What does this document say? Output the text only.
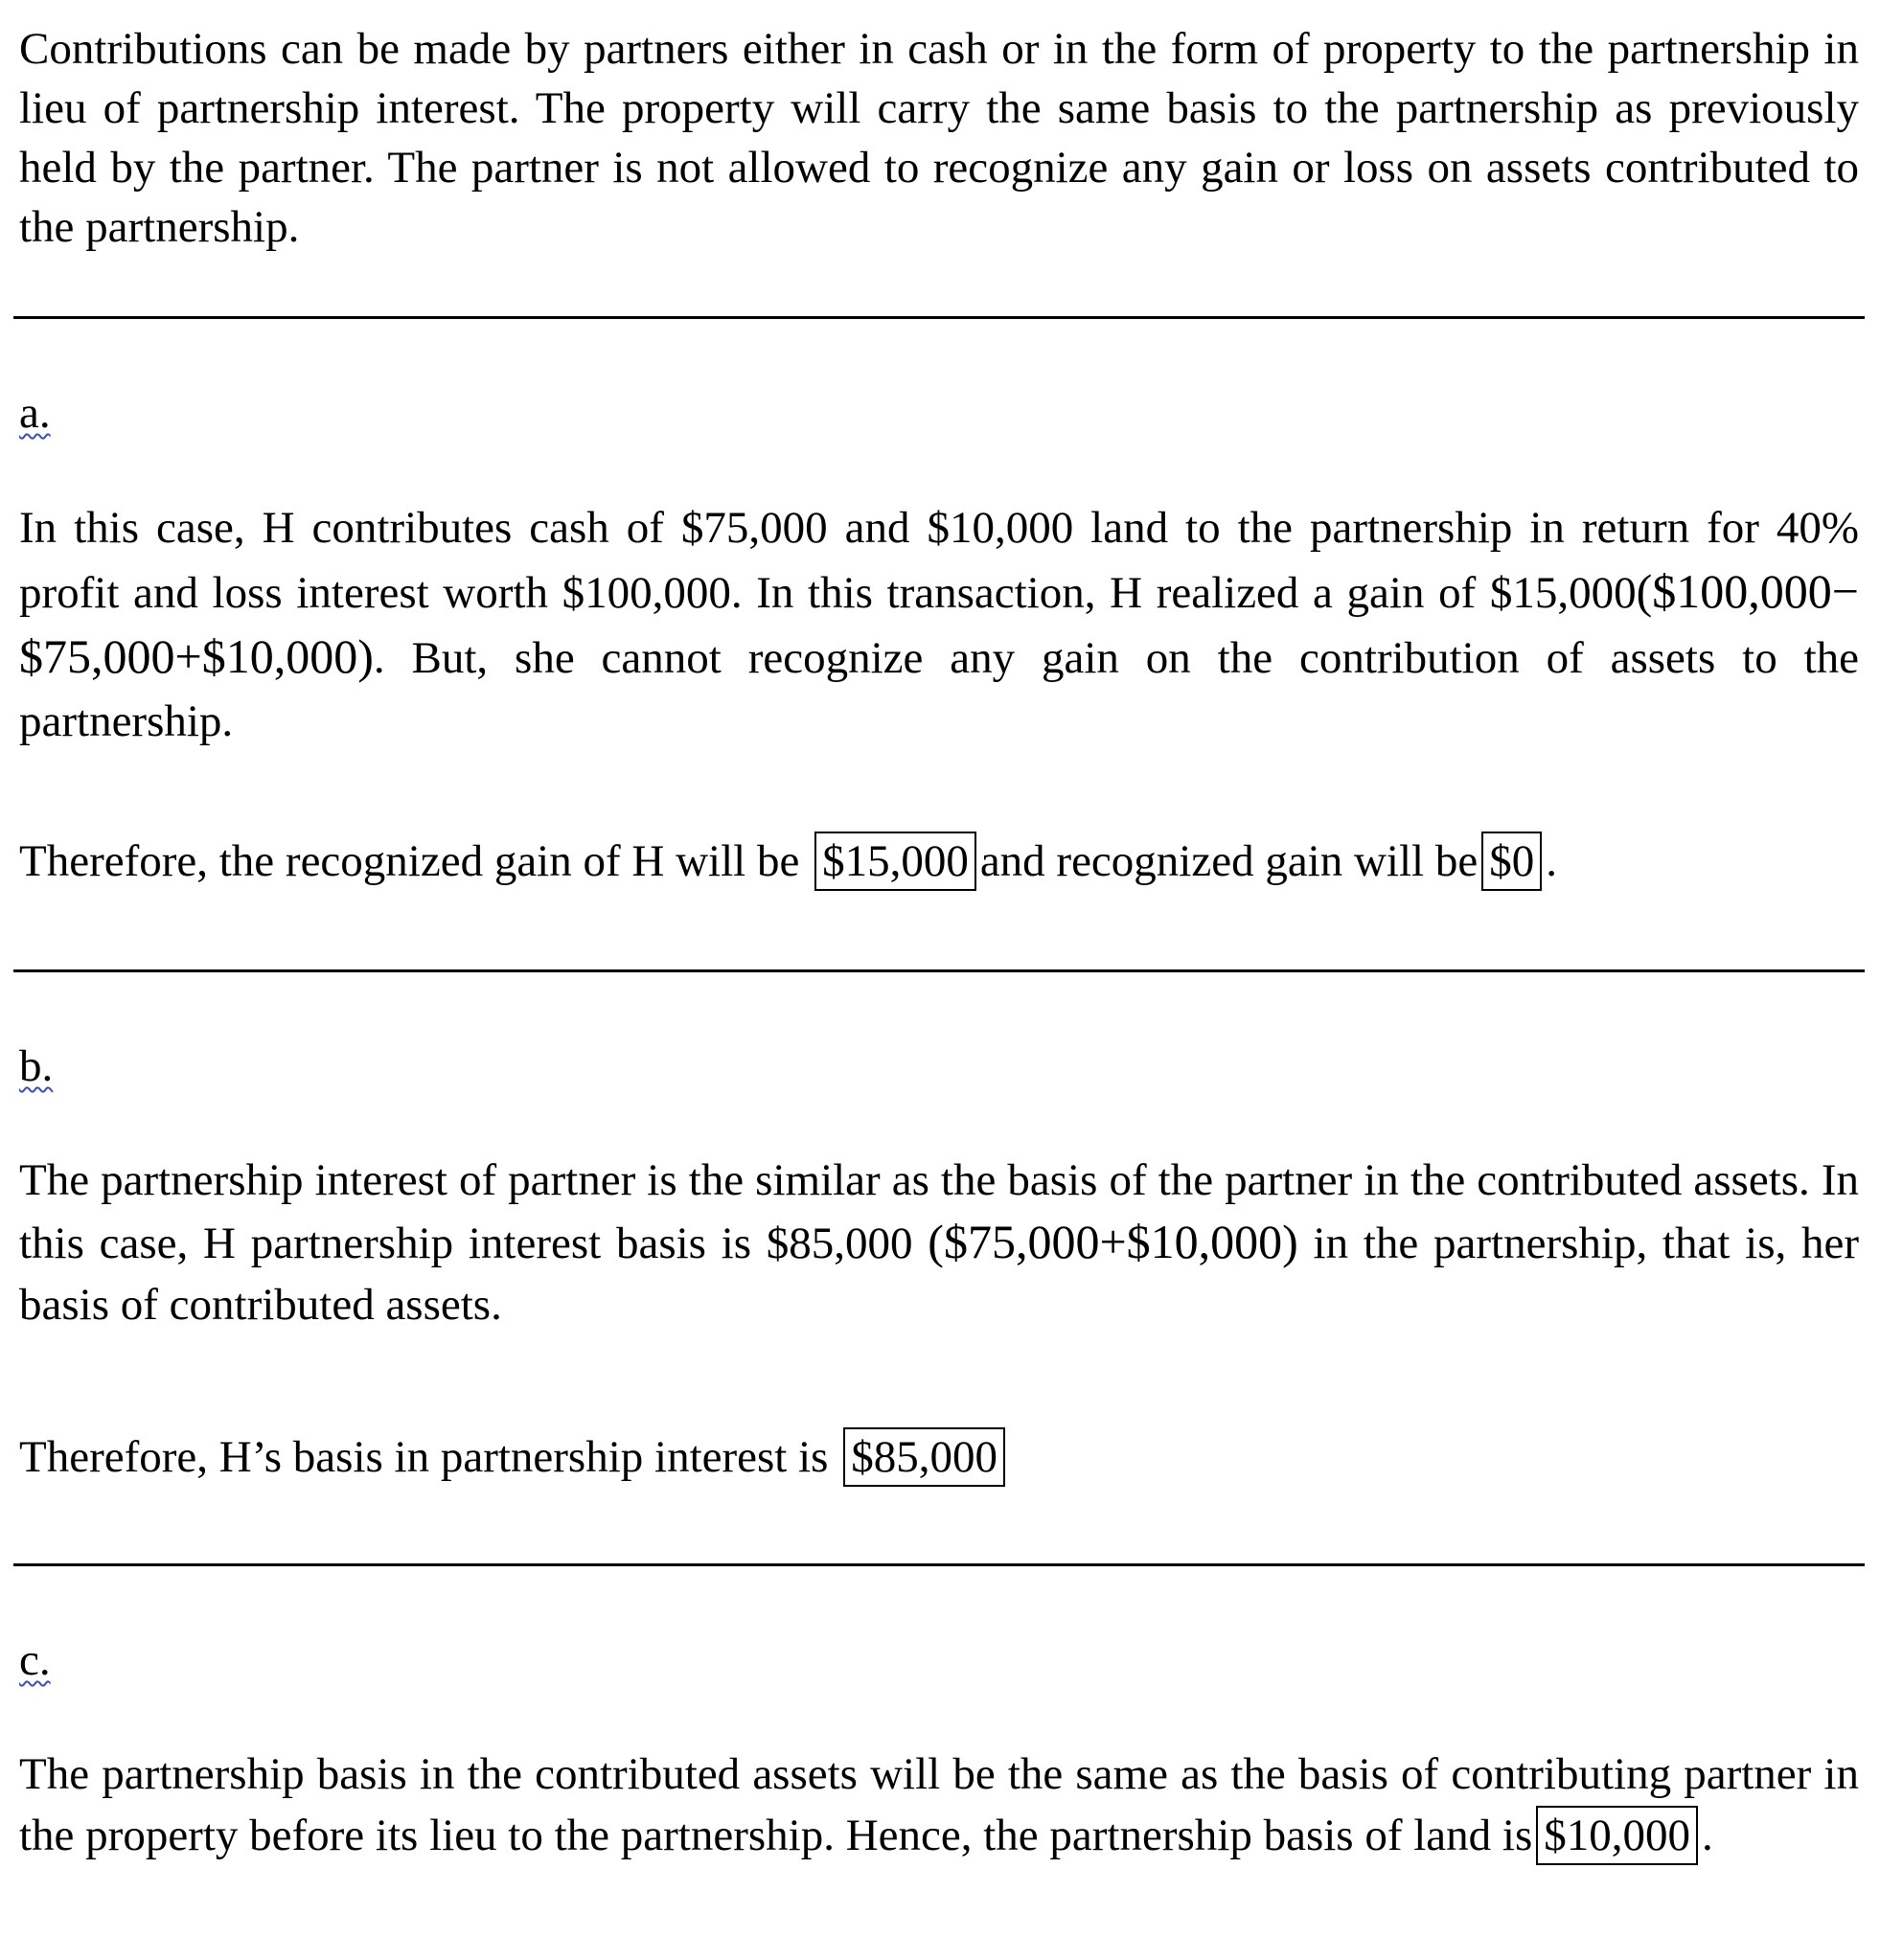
Contributions can be made by partners either in cash or in the form of property to the partnership in lieu of partnership interest. The property will carry the same basis to the partnership as previously held by the partner. The partner is not allowed to recognize any gain or loss on assets contributed to the partnership.

a.

In this case, H contributes cash of $75,000 and $10,000 land to the partnership in return for 40% profit and loss interest worth $100,000. In this transaction, H realized a gain of $15,000($100,000−$75,000+$10,000). But, she cannot recognize any gain on the contribution of assets to the partnership.

Therefore, the recognized gain of H will be $15,000 and recognized gain will be $0 .

b.

The partnership interest of partner is the similar as the basis of the partner in the contributed assets. In this case, H partnership interest basis is $85,000 ($75,000+$10,000) in the partnership, that is, her basis of contributed assets.

Therefore, H’s basis in partnership interest is $85,000

c.

The partnership basis in the contributed assets will be the same as the basis of contributing partner in the property before its lieu to the partnership. Hence, the partnership basis of land is $10,000 .
